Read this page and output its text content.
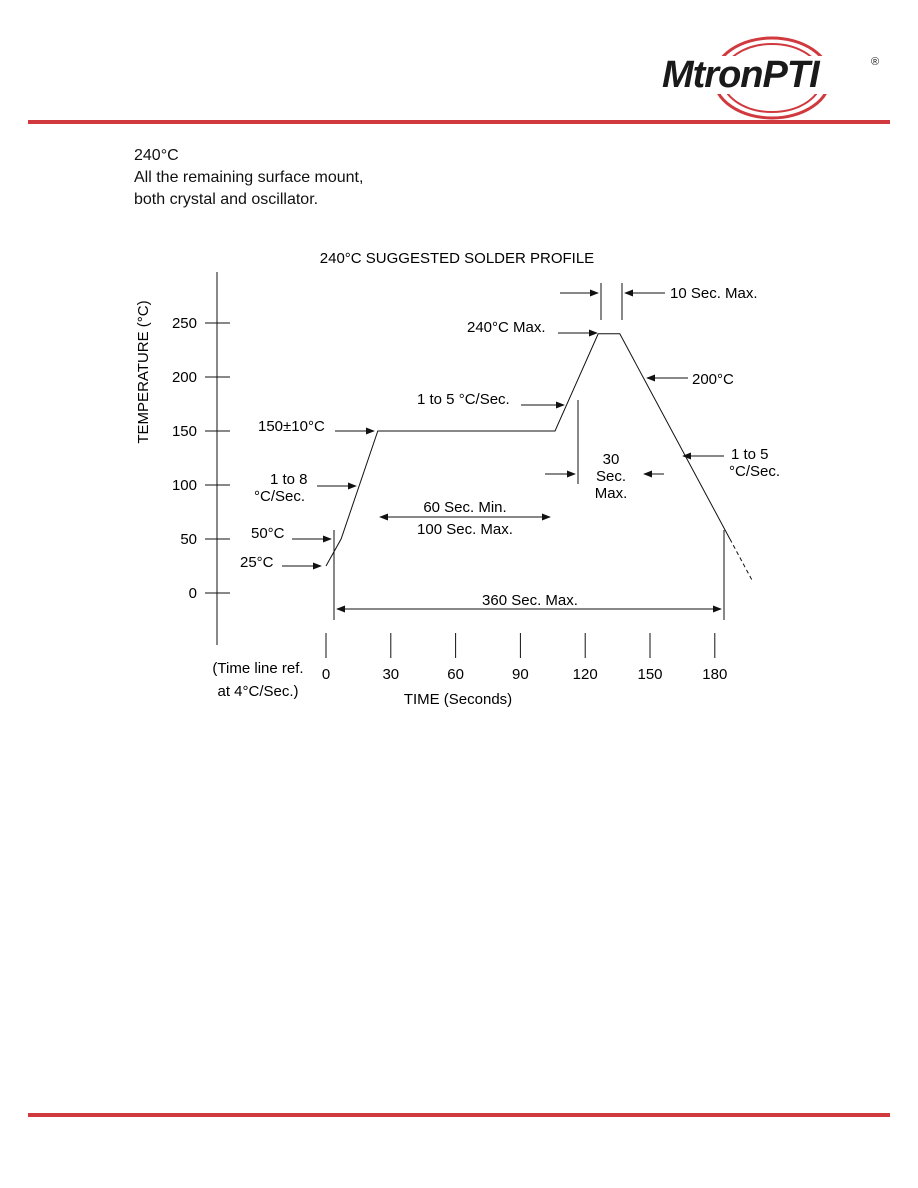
MtronPTI	®
240°C
All the remaining surface mount,
both crystal and oscillator.
240°C SUGGESTED SOLDER PROFILE
0
50
100
150
200
250
0	30	60	90	120	150	180
TEMPERATURE (°C)
TIME (Seconds)
(Time line ref.
at 4°C/Sec.)
10 Sec. Max.
240°C Max.
200°C
1 to 5 °C/Sec.
150±10°C
30
Sec.
Max.
1 to 5
°C/Sec.
1 to 8
°C/Sec.
60 Sec. Min.
100 Sec. Max.
50°C
25°C
360 Sec. Max.
